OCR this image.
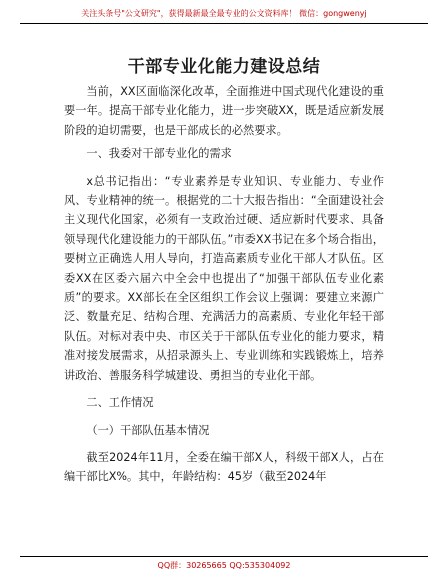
关注头条号"公文研究"，获得最新最全最专业的公文资料库！ 微信：gongwenyj
干部专业化能力建设总结

当前，XX区面临深化改革，全面推进中国式现代化建设的重要一年。提高干部专业化能力，进一步突破XX，既是适应新发展阶段的迫切需要，也是干部成长的必然要求。

一、我委对干部专业化的需求

x总书记指出：“专业素养是专业知识、专业能力、专业作风、专业精神的统一。根据党的二十大报告指出：“全面建设社会主义现代化国家，必须有一支政治过硬、适应新时代要求、具备领导现代化建设能力的干部队伍。”市委XX书记在多个场合指出，要树立正确选人用人导向，打造高素质专业化干部人才队伍。区委XX在区委六届六中全会中也提出了“加强干部队伍专业化素质”的要求。XX部长在全区组织工作会议上强调：要建立来源广泛、数量充足、结构合理、充满活力的高素质、专业化年轻干部队伍。对标对表中央、市区关于干部队伍专业化的能力要求，精准对接发展需求，从招录源头上、专业训练和实践锻炼上，培养讲政治、善服务科学城建设、勇担当的专业化干部。

二、工作情况

（一）干部队伍基本情况

截至2024年11月，全委在编干部X人，科级干部X人，占在编干部比X%。其中，年龄结构：45岁（截至2024年

QQ群：30265665 QQ:535304092
